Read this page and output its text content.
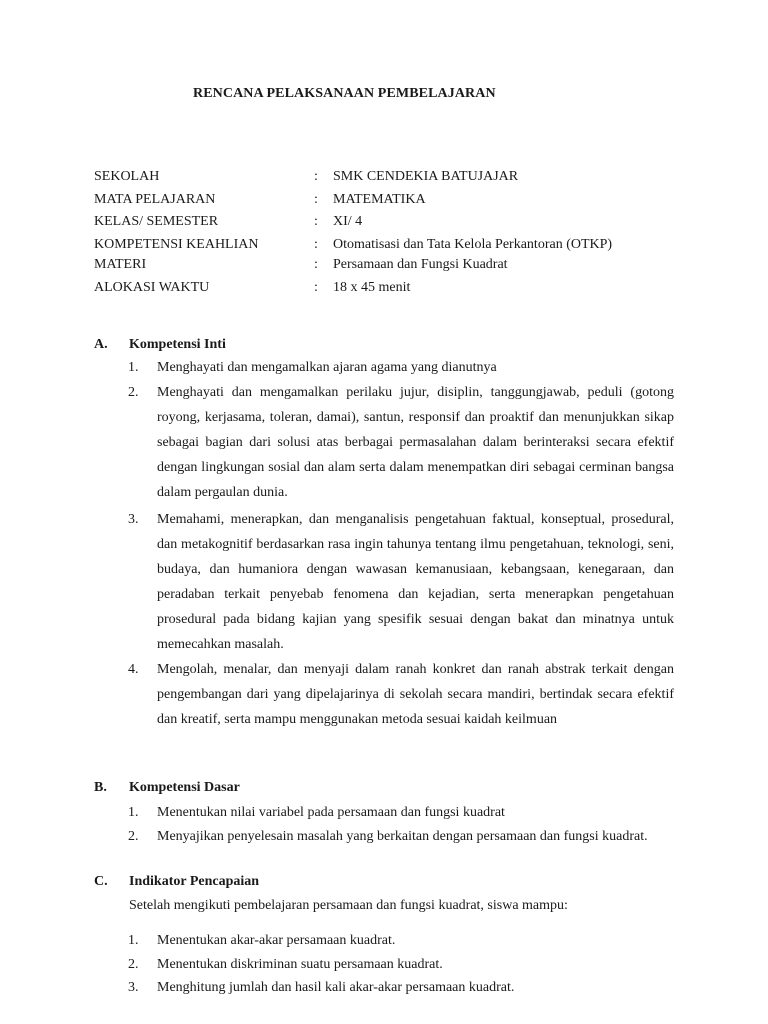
RENCANA PELAKSANAAN PEMBELAJARAN
SEKOLAH	: SMK CENDEKIA BATUJAJAR
MATA PELAJARAN	: MATEMATIKA
KELAS/ SEMESTER	: XI/ 4
KOMPETENSI KEAHLIAN	: Otomatisasi dan Tata Kelola Perkantoran (OTKP)
MATERI	: Persamaan dan Fungsi Kuadrat
ALOKASI WAKTU	: 18 x 45 menit
A. Kompetensi Inti
1. Menghayati dan mengamalkan ajaran agama yang dianutnya
2. Menghayati dan mengamalkan perilaku jujur, disiplin, tanggungjawab, peduli (gotong royong, kerjasama, toleran, damai), santun, responsif dan proaktif dan menunjukkan sikap sebagai bagian dari solusi atas berbagai permasalahan dalam berinteraksi secara efektif dengan lingkungan sosial dan alam serta dalam menempatkan diri sebagai cerminan bangsa dalam pergaulan dunia.
3. Memahami, menerapkan, dan menganalisis pengetahuan faktual, konseptual, prosedural, dan metakognitif berdasarkan rasa ingin tahunya tentang ilmu pengetahuan, teknologi, seni, budaya, dan humaniora dengan wawasan kemanusiaan, kebangsaan, kenegaraan, dan peradaban terkait penyebab fenomena dan kejadian, serta menerapkan pengetahuan prosedural pada bidang kajian yang spesifik sesuai dengan bakat dan minatnya untuk memecahkan masalah.
4. Mengolah, menalar, dan menyaji dalam ranah konkret dan ranah abstrak terkait dengan pengembangan dari yang dipelajarinya di sekolah secara mandiri, bertindak secara efektif dan kreatif, serta mampu menggunakan metoda sesuai kaidah keilmuan
B. Kompetensi Dasar
1. Menentukan nilai variabel pada persamaan dan fungsi kuadrat
2. Menyajikan penyelesain masalah yang berkaitan dengan persamaan dan fungsi kuadrat.
C. Indikator Pencapaian
Setelah mengikuti pembelajaran persamaan dan fungsi kuadrat, siswa mampu:
1. Menentukan akar-akar persamaan kuadrat.
2. Menentukan diskriminan suatu persamaan kuadrat.
3. Menghitung jumlah dan hasil kali akar-akar persamaan kuadrat.
